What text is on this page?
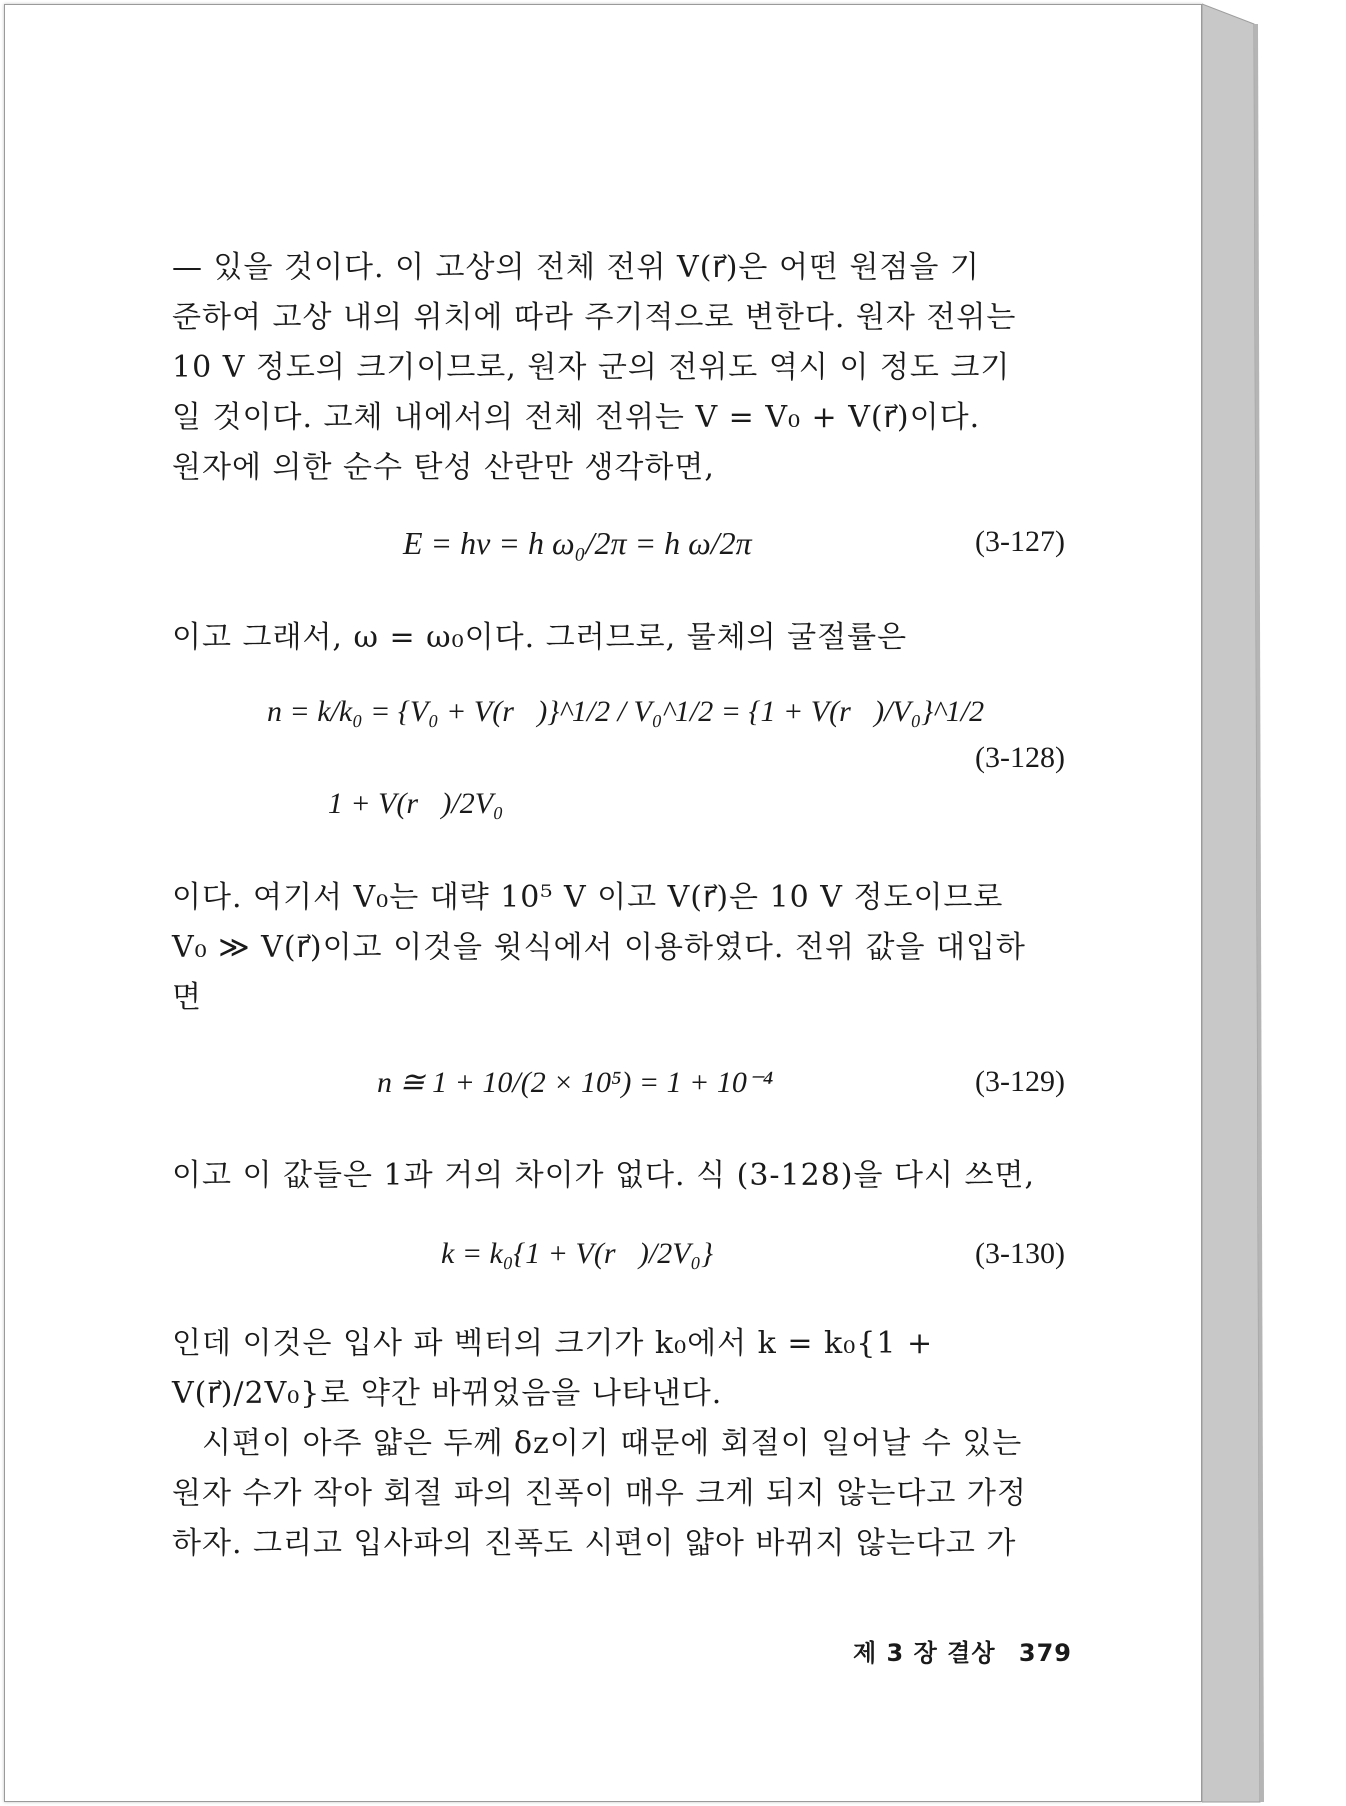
— 있을 것이다. 이 고상의 전체 전위 V(r⃗)은 어떤 원점을 기
준하여 고상 내의 위치에 따라 주기적으로 변한다. 원자 전위는
10 V 정도의 크기이므로, 원자 군의 전위도 역시 이 정도 크기
일 것이다. 고체 내에서의 전체 전위는 V = V₀ + V(r⃗)이다.
원자에 의한 순수 탄성 산란만 생각하면,
E = hν = h ω₀/2π = h ω/2π	(3-127)
이고 그래서, ω = ω₀이다. 그러므로, 물체의 굴절률은
n = k/k₀ = {V₀ + V(r⃗)}^1/2 / V₀^1/2 = {1 + V(r⃗)/V₀}^1/2
≅ 1 + V(r⃗)/2V₀
(3-128)
이다. 여기서 V₀는 대략 10⁵ V 이고 V(r⃗)은 10 V 정도이므로
V₀ ≫ V(r⃗)이고 이것을 윗식에서 이용하였다. 전위 값을 대입하
면
n ≅ 1 + 10/(2 × 10⁵) = 1 + 10⁻⁴	(3-129)
이고 이 값들은 1과 거의 차이가 없다. 식 (3-128)을 다시 쓰면,
k = k₀{1 + V(r⃗)/2V₀}	(3-130)
인데 이것은 입사 파 벡터의 크기가 k₀에서 k = k₀{1 +
V(r⃗)/2V₀}로 약간 바뀌었음을 나타낸다.
시편이 아주 얇은 두께 δz이기 때문에 회절이 일어날 수 있는
원자 수가 작아 회절 파의 진폭이 매우 크게 되지 않는다고 가정
하자. 그리고 입사파의 진폭도 시편이 얇아 바뀌지 않는다고 가
제 3 장 결상 379
